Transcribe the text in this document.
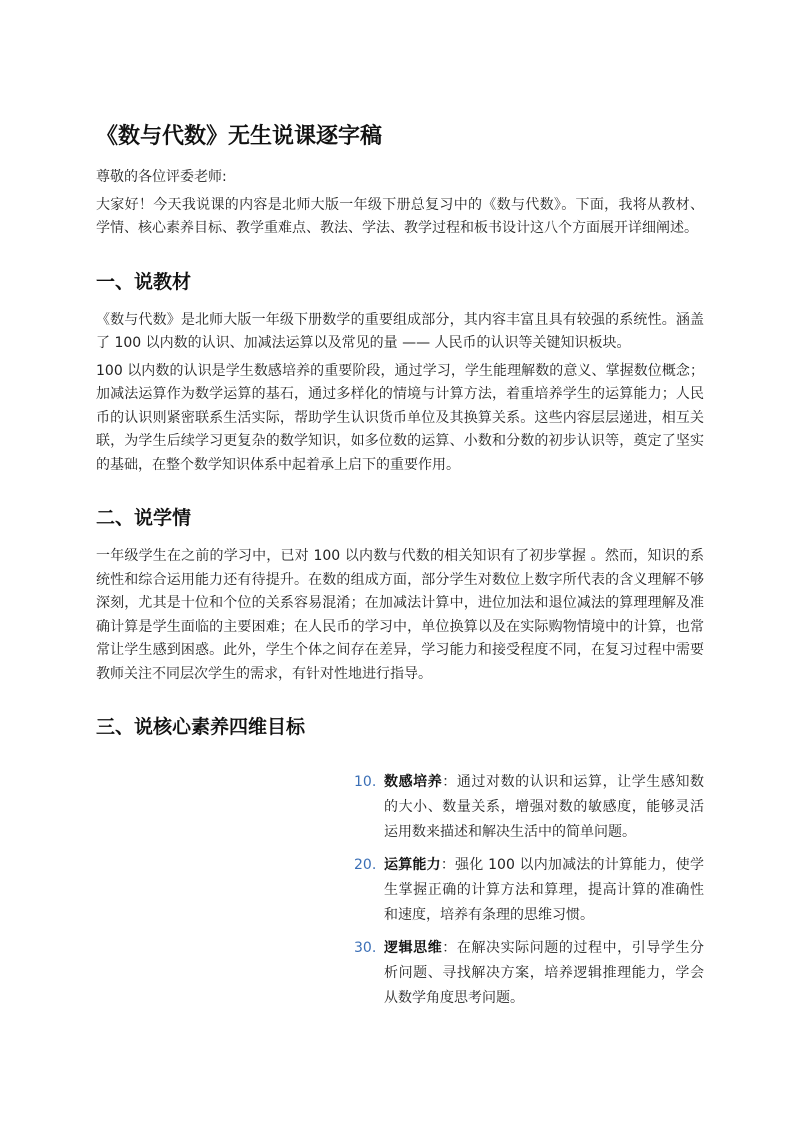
《数与代数》无生说课逐字稿

尊敬的各位评委老师:

大家好！今天我说课的内容是北师大版一年级下册总复习中的《数与代数》。下面，我将从教材、学情、核心素养目标、教学重难点、教法、学法、教学过程和板书设计这八个方面展开详细阐述。

一、说教材

《数与代数》是北师大版一年级下册数学的重要组成部分，其内容丰富且具有较强的系统性。涵盖了 100 以内数的认识、加减法运算以及常见的量 —— 人民币的认识等关键知识板块。

100 以内数的认识是学生数感培养的重要阶段，通过学习，学生能理解数的意义、掌握数位概念；加减法运算作为数学运算的基石，通过多样化的情境与计算方法，着重培养学生的运算能力；人民币的认识则紧密联系生活实际，帮助学生认识货币单位及其换算关系。这些内容层层递进，相互关联，为学生后续学习更复杂的数学知识，如多位数的运算、小数和分数的初步认识等，奠定了坚实的基础，在整个数学知识体系中起着承上启下的重要作用。

二、说学情

一年级学生在之前的学习中，已对 100 以内数与代数的相关知识有了初步掌握 。然而，知识的系统性和综合运用能力还有待提升。在数的组成方面，部分学生对数位上数字所代表的含义理解不够深刻，尤其是十位和个位的关系容易混淆；在加减法计算中，进位加法和退位减法的算理理解及准确计算是学生面临的主要困难；在人民币的学习中，单位换算以及在实际购物情境中的计算，也常常让学生感到困惑。此外，学生个体之间存在差异，学习能力和接受程度不同，在复习过程中需要教师关注不同层次学生的需求，有针对性地进行指导。

三、说核心素养四维目标
10. 数感培养：通过对数的认识和运算，让学生感知数的大小、数量关系，增强对数的敏感度，能够灵活运用数来描述和解决生活中的简单问题。
20. 运算能力：强化 100 以内加减法的计算能力，使学生掌握正确的计算方法和算理，提高计算的准确性和速度，培养有条理的思维习惯。
30. 逻辑思维：在解决实际问题的过程中，引导学生分析问题、寻找解决方案，培养逻辑推理能力，学会从数学角度思考问题。
